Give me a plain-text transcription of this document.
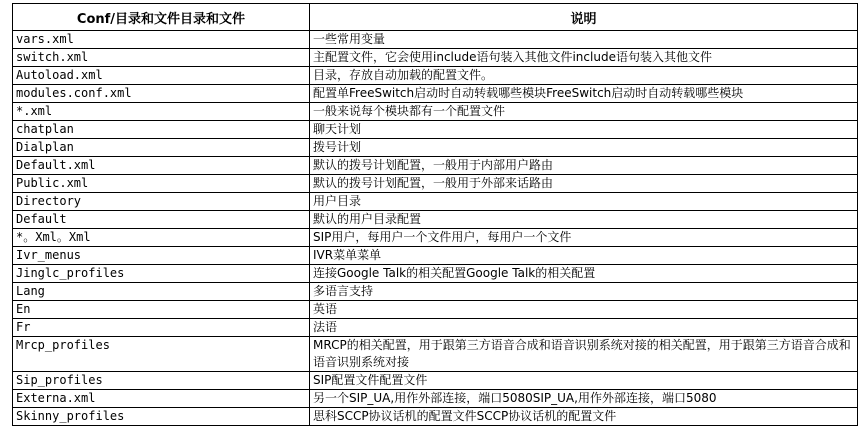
Conf/目录和文件目录和文件	说明
vars.xml	一些常用变量
switch.xml	主配置文件，它会使用include语句装入其他文件include语句装入其他文件
Autoload.xml	目录，存放自动加载的配置文件。
modules.conf.xml	配置单FreeSwitch启动时自动转载哪些模块FreeSwitch启动时自动转载哪些模块
*.xml	一般来说每个模块都有一个配置文件
chatplan	聊天计划
Dialplan	拨号计划
Default.xml	默认的拨号计划配置，一般用于内部用户路由
Public.xml	默认的拨号计划配置，一般用于外部来话路由
Directory	用户目录
Default	默认的用户目录配置
*。Xml。Xml	SIP用户，每用户一个文件用户，每用户一个文件
Ivr_menus	IVR菜单菜单
Jinglc_profiles	连接Google Talk的相关配置Google Talk的相关配置
Lang	多语言支持
En	英语
Fr	法语
Mrcp_profiles	MRCP的相关配置，用于跟第三方语音合成和语音识别系统对接的相关配置，用于跟第三方语音合成和语音识别系统对接
Sip_profiles	SIP配置文件配置文件
Externa.xml	另一个SIP_UA,用作外部连接，端口5080SIP_UA,用作外部连接，端口5080
Skinny_profiles	思科SCCP协议话机的配置文件SCCP协议话机的配置文件
